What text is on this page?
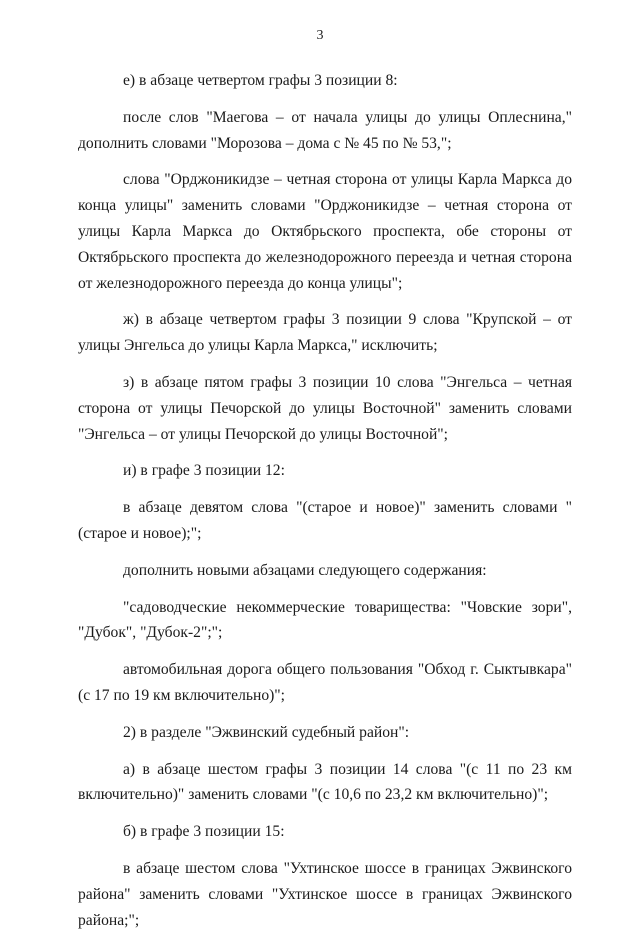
3

е) в абзаце четвертом графы 3 позиции 8:

после слов "Маегова – от начала улицы до улицы Оплеснина," дополнить словами "Морозова – дома с № 45 по № 53,";

слова "Орджоникидзе – четная сторона от улицы Карла Маркса до конца улицы" заменить словами "Орджоникидзе – четная сторона от улицы Карла Маркса до Октябрьского проспекта, обе стороны от Октябрьского проспекта до железнодорожного переезда и четная сторона от железнодорожного переезда до конца улицы";

ж) в абзаце четвертом графы 3 позиции 9 слова "Крупской – от улицы Энгельса до улицы Карла Маркса," исключить;

з) в абзаце пятом графы 3 позиции 10 слова "Энгельса – четная сторона от улицы Печорской до улицы Восточной" заменить словами "Энгельса – от улицы Печорской до улицы Восточной";

и) в графе 3 позиции 12:

в абзаце девятом слова "(старое и новое)" заменить словами "(старое и новое);";

дополнить новыми абзацами следующего содержания:

"садоводческие некоммерческие товарищества: "Човские зори", "Дубок", "Дубок-2";";

автомобильная дорога общего пользования "Обход г. Сыктывкара" (с 17 по 19 км включительно)";

2) в разделе "Эжвинский судебный район":

а) в абзаце шестом графы 3 позиции 14 слова "(с 11 по 23 км включительно)" заменить словами "(с 10,6 по 23,2 км включительно)";

б) в графе 3 позиции 15:

в абзаце шестом слова "Ухтинское шоссе в границах Эжвинского района" заменить словами "Ухтинское шоссе в границах Эжвинского района;";
